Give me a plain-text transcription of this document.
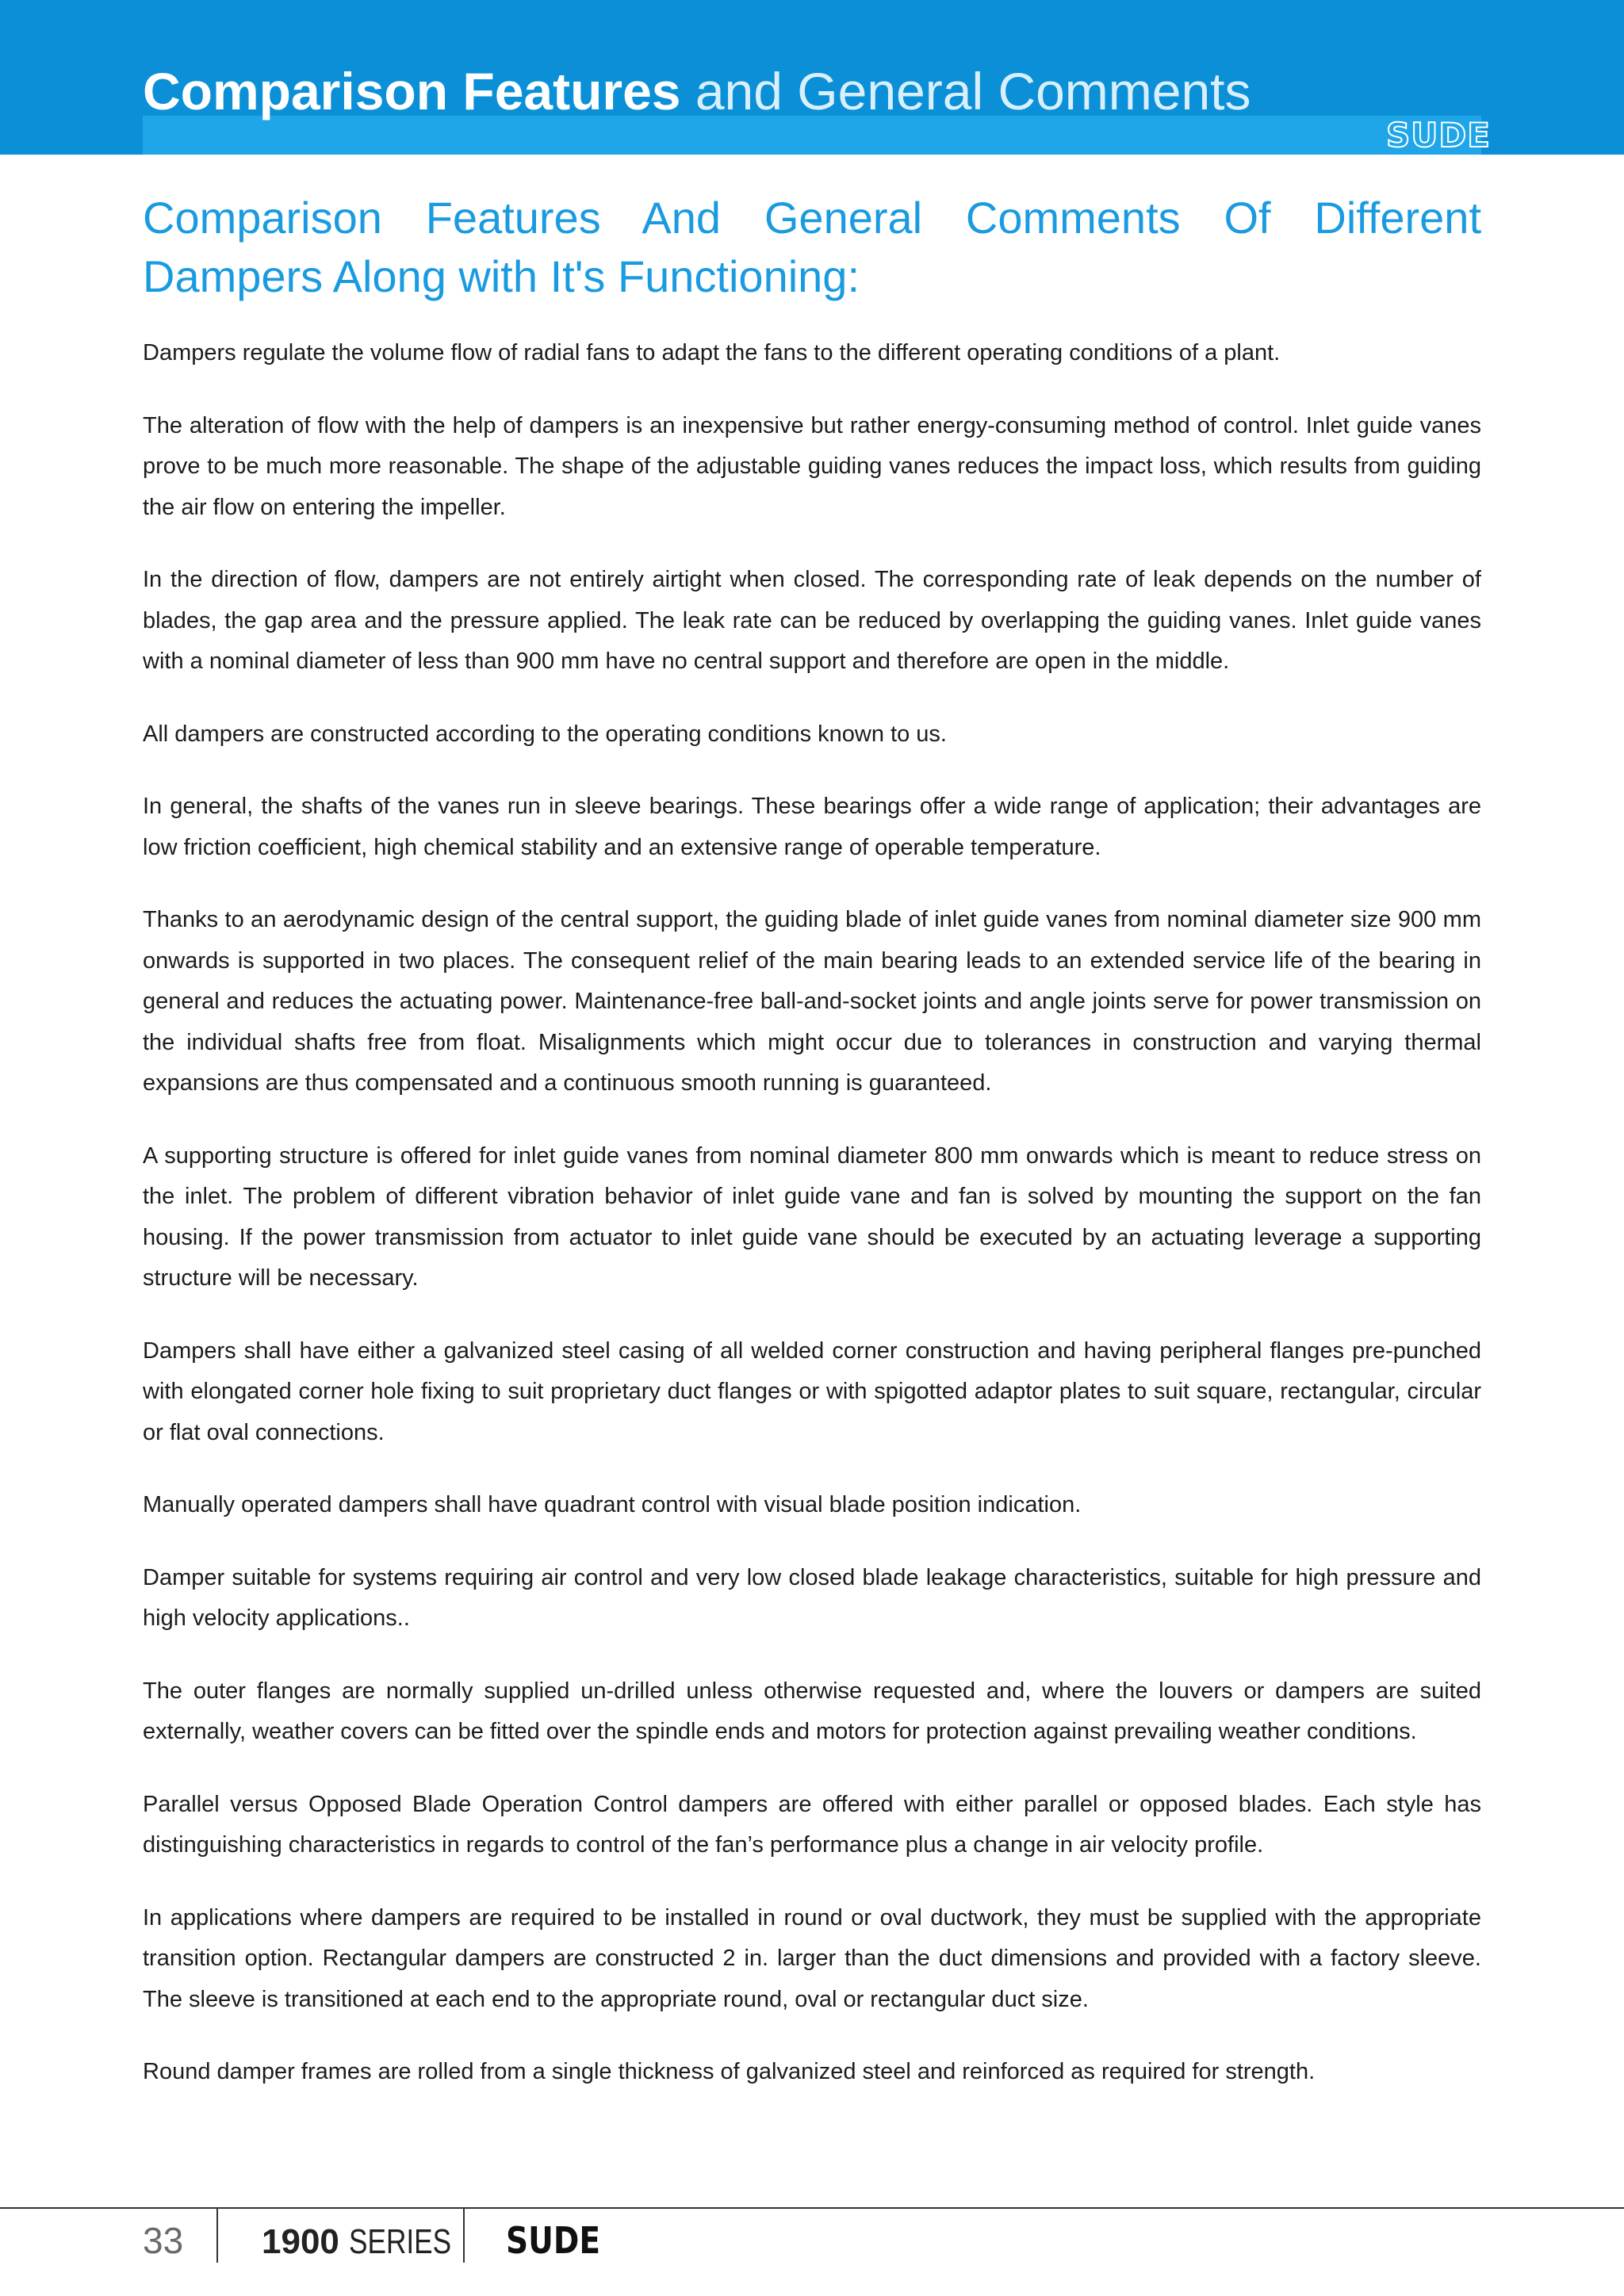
Comparison Features and General Comments
SUDE
Comparison Features And General Comments Of Different Dampers Along with It's Functioning:

Dampers regulate the volume flow of radial fans to adapt the fans to the different operating conditions of a plant.

The alteration of flow with the help of dampers is an inexpensive but rather energy-consuming method of control. Inlet guide vanes prove to be much more reasonable. The shape of the adjustable guiding vanes reduces the impact loss, which results from guiding the air flow on entering the impeller.

In the direction of flow, dampers are not entirely airtight when closed. The corresponding rate of leak depends on the number of blades, the gap area and the pressure applied. The leak rate can be reduced by overlapping the guiding vanes. Inlet guide vanes with a nominal diameter of less than 900 mm have no central support and therefore are open in the middle.

All dampers are constructed according to the operating conditions known to us.

In general, the shafts of the vanes run in sleeve bearings. These bearings offer a wide range of application; their advantages are low friction coefficient, high chemical stability and an extensive range of operable temperature.

Thanks to an aerodynamic design of the central support, the guiding blade of inlet guide vanes from nominal diameter size 900 mm onwards is supported in two places. The consequent relief of the main bearing leads to an extended service life of the bearing in general and reduces the actuating power. Maintenance-free ball-and-socket joints and angle joints serve for power transmission on the individual shafts free from float. Misalignments which might occur due to tolerances in construction and varying thermal expansions are thus compensated and a continuous smooth running is guaranteed.

A supporting structure is offered for inlet guide vanes from nominal diameter 800 mm onwards which is meant to reduce stress on the inlet. The problem of different vibration behavior of inlet guide vane and fan is solved by mounting the support on the fan housing. If the power transmission from actuator to inlet guide vane should be executed by an actuating leverage a supporting structure will be necessary.

Dampers shall have either a galvanized steel casing of all welded corner construction and having peripheral flanges pre-punched with elongated corner hole fixing to suit proprietary duct flanges or with spigotted adaptor plates to suit square, rectangular, circular or flat oval connections.

Manually operated dampers shall have quadrant control with visual blade position indication.

Damper suitable for systems requiring air control and very low closed blade leakage characteristics, suitable for high pressure and high velocity applications..

The outer flanges are normally supplied un-drilled unless otherwise requested and, where the louvers or dampers are suited externally, weather covers can be fitted over the spindle ends and motors for protection against prevailing weather conditions.

Parallel versus Opposed Blade Operation Control dampers are offered with either parallel or opposed blades. Each style has distinguishing characteristics in regards to control of the fan’s performance plus a change in air velocity profile.

In applications where dampers are required to be installed in round or oval ductwork, they must be supplied with the appropriate transition option. Rectangular dampers are constructed 2 in. larger than the duct dimensions and provided with a factory sleeve. The sleeve is transitioned at each end to the appropriate round, oval or rectangular duct size.

Round damper frames are rolled from a single thickness of galvanized steel and reinforced as required for strength.

33 1900 SERIES	SUDE
